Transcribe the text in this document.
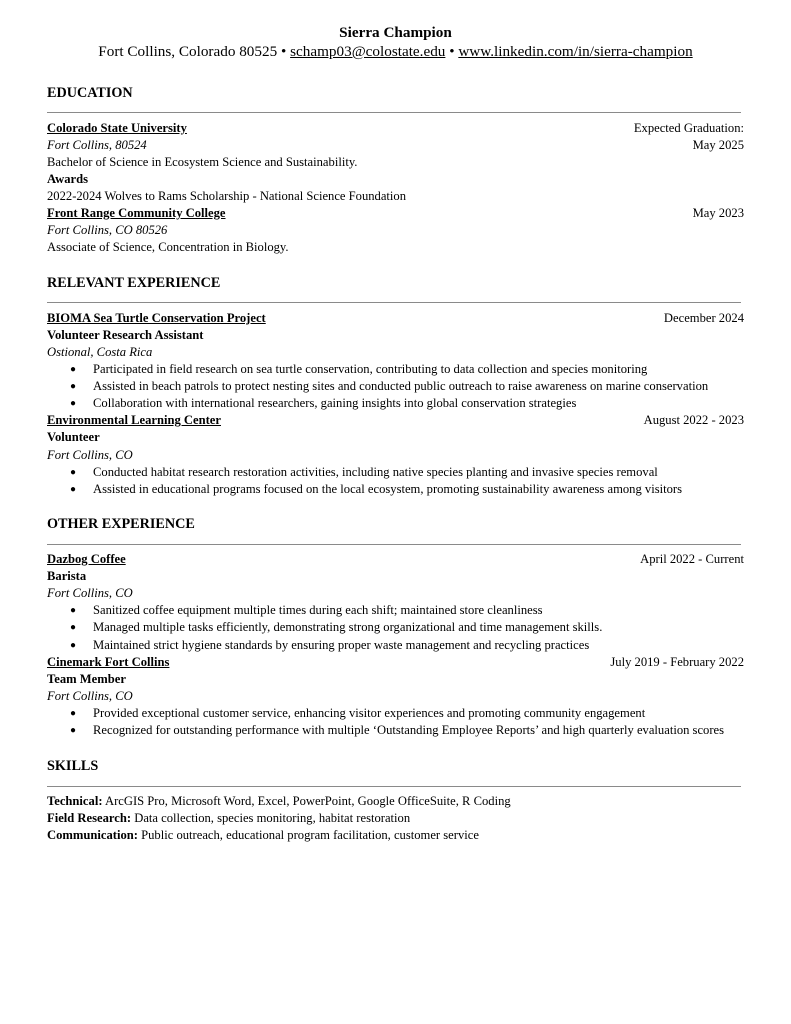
Sierra Champion
Fort Collins, Colorado 80525 • schamp03@colostate.edu • www.linkedin.com/in/sierra-champion
EDUCATION
Colorado State University	Expected Graduation:
Fort Collins, 80524	May 2025
Bachelor of Science in Ecosystem Science and Sustainability.
Awards
2022-2024 Wolves to Rams Scholarship - National Science Foundation
Front Range Community College	May 2023
Fort Collins, CO 80526
Associate of Science, Concentration in Biology.
RELEVANT EXPERIENCE
BIOMA Sea Turtle Conservation Project	December 2024
Volunteer Research Assistant
Ostional, Costa Rica
● Participated in field research on sea turtle conservation, contributing to data collection and species monitoring
● Assisted in beach patrols to protect nesting sites and conducted public outreach to raise awareness on marine conservation
● Collaboration with international researchers, gaining insights into global conservation strategies
Environmental Learning Center	August 2022 - 2023
Volunteer
Fort Collins, CO
● Conducted habitat research restoration activities, including native species planting and invasive species removal
● Assisted in educational programs focused on the local ecosystem, promoting sustainability awareness among visitors
OTHER EXPERIENCE
Dazbog Coffee	April 2022 - Current
Barista
Fort Collins, CO
● Sanitized coffee equipment multiple times during each shift; maintained store cleanliness
● Managed multiple tasks efficiently, demonstrating strong organizational and time management skills.
● Maintained strict hygiene standards by ensuring proper waste management and recycling practices
Cinemark Fort Collins	July 2019 - February 2022
Team Member
Fort Collins, CO
● Provided exceptional customer service, enhancing visitor experiences and promoting community engagement
● Recognized for outstanding performance with multiple ‘Outstanding Employee Reports’ and high quarterly evaluation scores
SKILLS
Technical: ArcGIS Pro, Microsoft Word, Excel, PowerPoint, Google OfficeSuite, R Coding
Field Research: Data collection, species monitoring, habitat restoration
Communication: Public outreach, educational program facilitation, customer service
